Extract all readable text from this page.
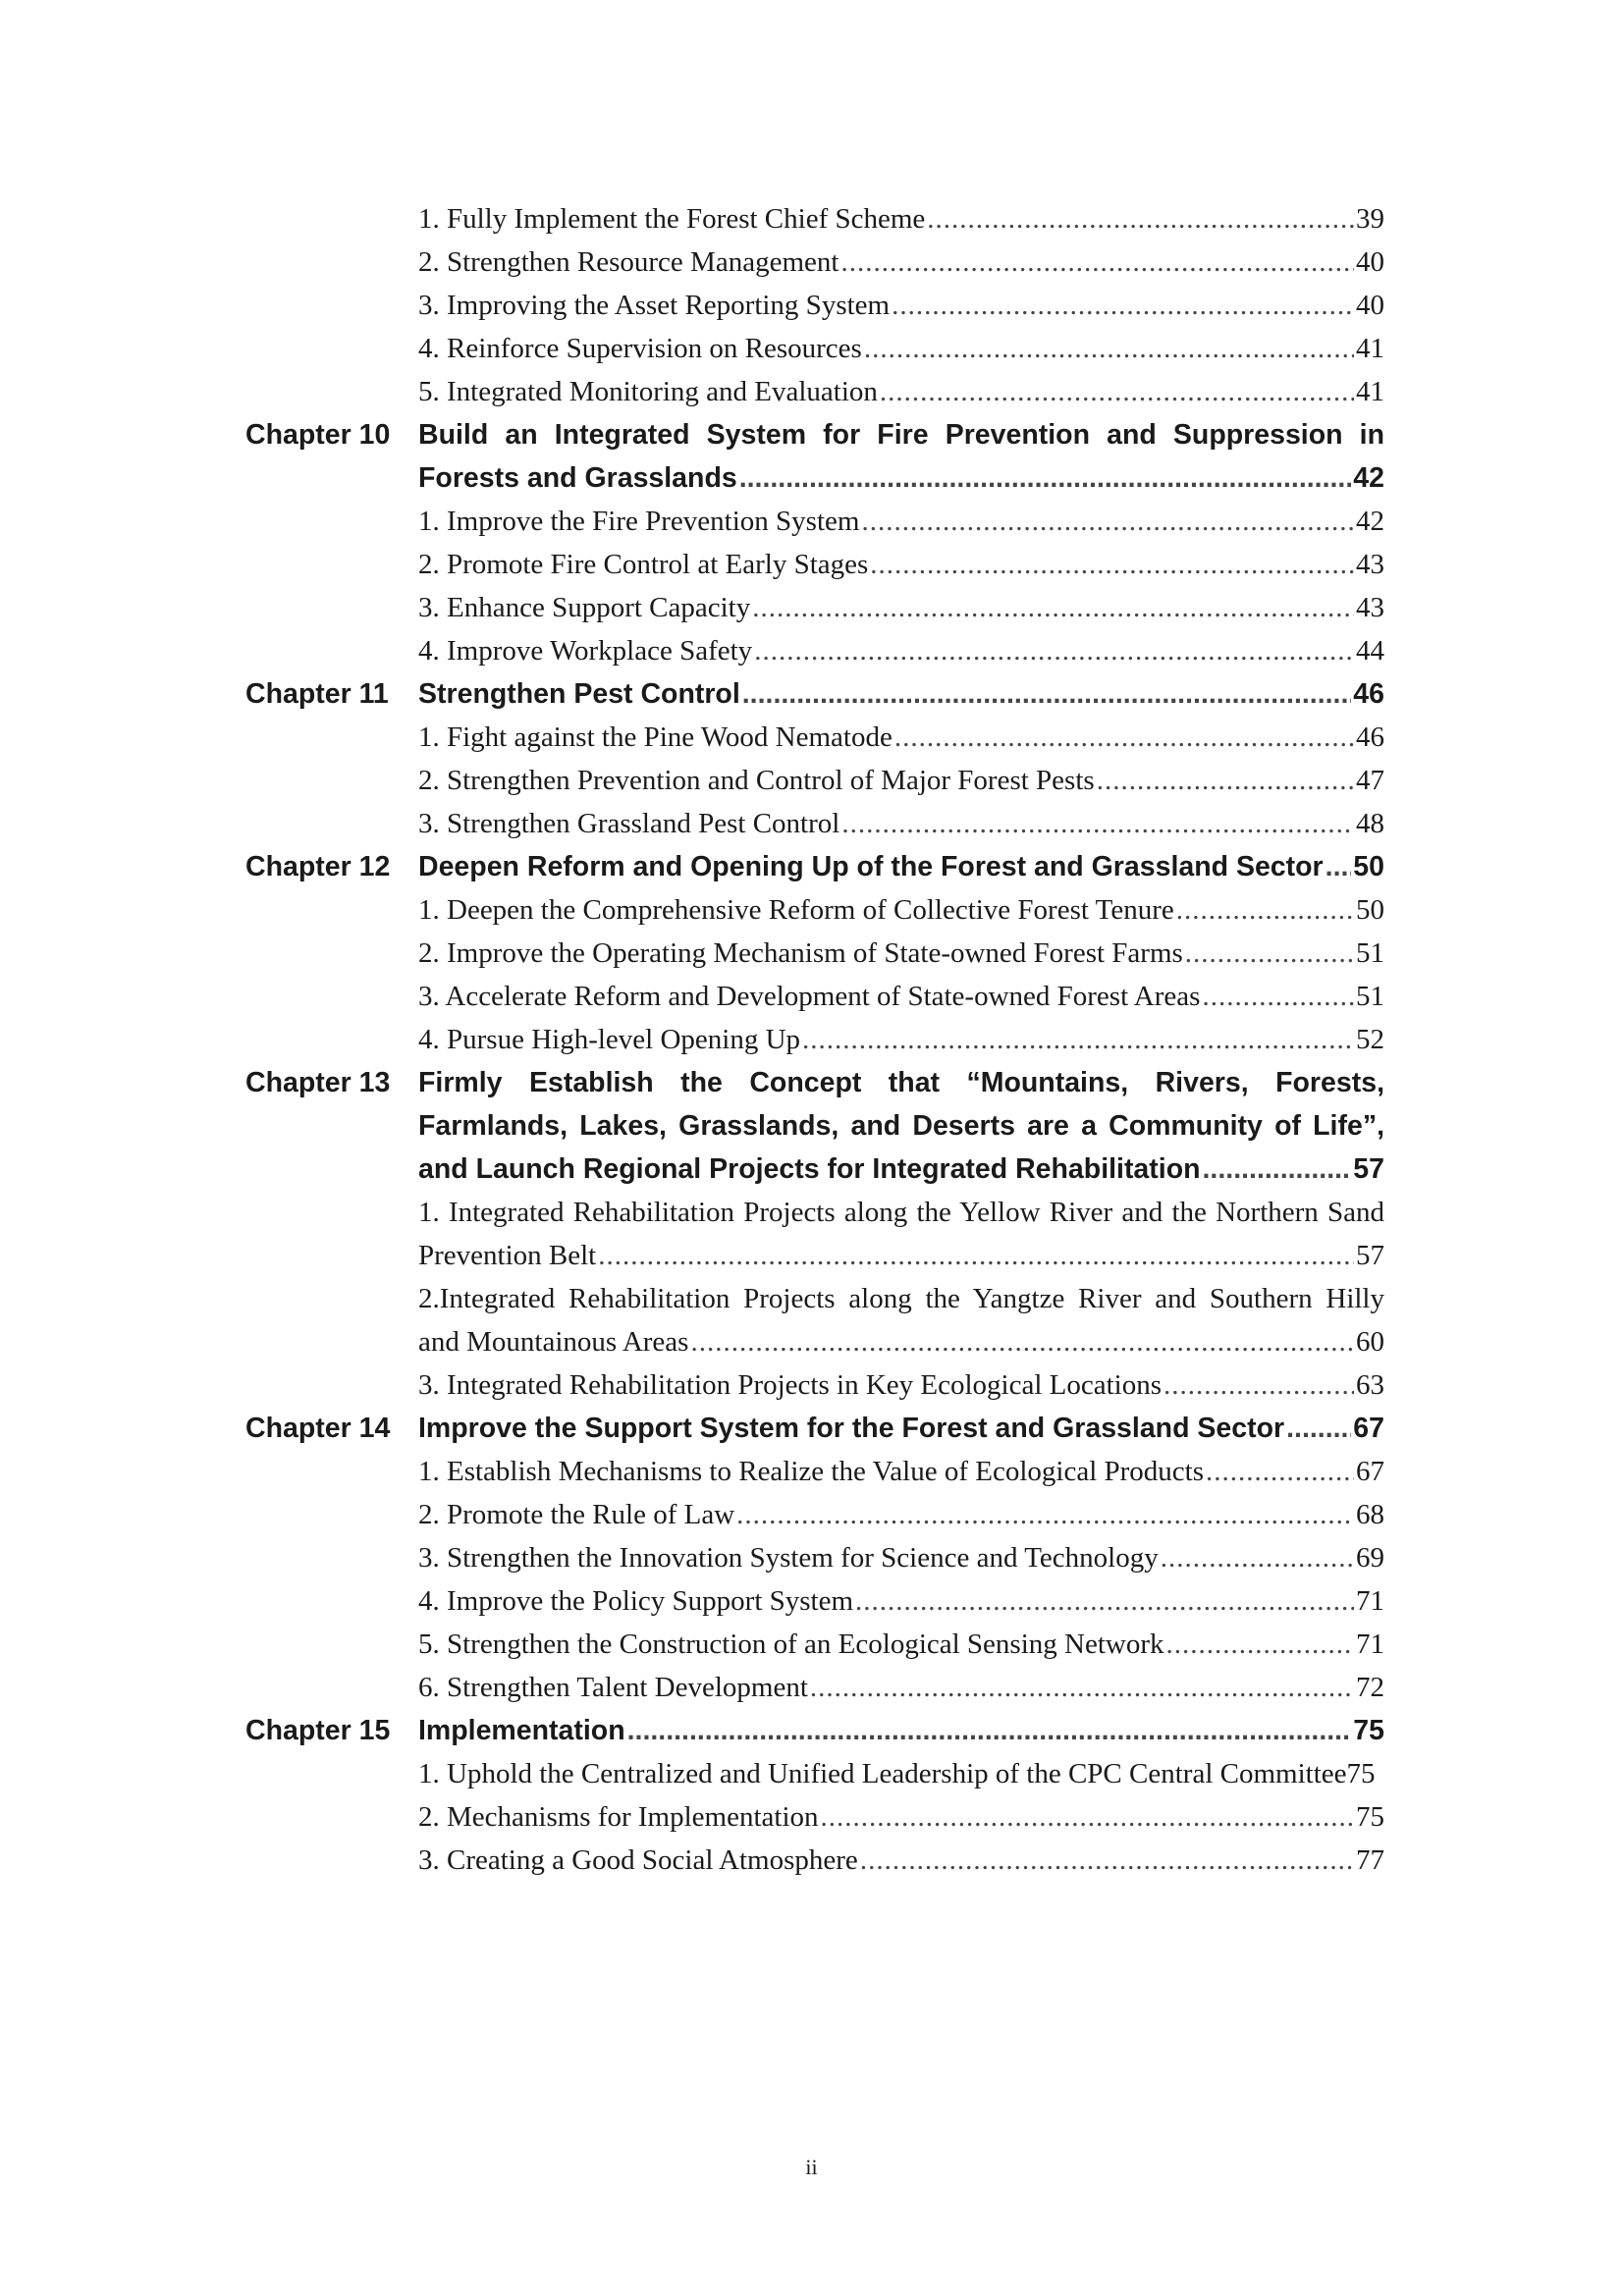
1. Fully Implement the Forest Chief Scheme .....	39
2. Strengthen Resource Management .....	40
3. Improving the Asset Reporting System .....	40
4. Reinforce Supervision on Resources .....	41
5. Integrated Monitoring and Evaluation .....	41
Chapter 10 Build an Integrated System for Fire Prevention and Suppression in
Forests and Grasslands .....	42
1. Improve the Fire Prevention System .....	42
2. Promote Fire Control at Early Stages .....	43
3. Enhance Support Capacity .....	43
4. Improve Workplace Safety .....	44
Chapter 11 Strengthen Pest Control .....	46
1. Fight against the Pine Wood Nematode .....	46
2. Strengthen Prevention and Control of Major Forest Pests .....	47
3. Strengthen Grassland Pest Control .....	48
Chapter 12 Deepen Reform and Opening Up of the Forest and Grassland Sector ..... 50
1. Deepen the Comprehensive Reform of Collective Forest Tenure .....	50
2. Improve the Operating Mechanism of State-owned Forest Farms .....	51
3. Accelerate Reform and Development of State-owned Forest Areas .....	51
4. Pursue High-level Opening Up .....	52
Chapter 13 Firmly Establish the Concept that “Mountains, Rivers, Forests,
Farmlands, Lakes, Grasslands, and Deserts are a Community of Life”,
and Launch Regional Projects for Integrated Rehabilitation .....	57
1. Integrated Rehabilitation Projects along the Yellow River and the Northern Sand
Prevention Belt .....	57
2.Integrated Rehabilitation Projects along the Yangtze River and Southern Hilly
and Mountainous Areas .....	60
3. Integrated Rehabilitation Projects in Key Ecological Locations .....	63
Chapter 14 Improve the Support System for the Forest and Grassland Sector ..... 67
1. Establish Mechanisms to Realize the Value of Ecological Products .....	67
2. Promote the Rule of Law .....	68
3. Strengthen the Innovation System for Science and Technology .....	69
4. Improve the Policy Support System .....	71
5. Strengthen the Construction of an Ecological Sensing Network .....	71
6. Strengthen Talent Development .....	72
Chapter 15 Implementation .....	75
1. Uphold the Centralized and Unified Leadership of the CPC Central Committee 75
2. Mechanisms for Implementation .....	75
3. Creating a Good Social Atmosphere .....	77
ii
